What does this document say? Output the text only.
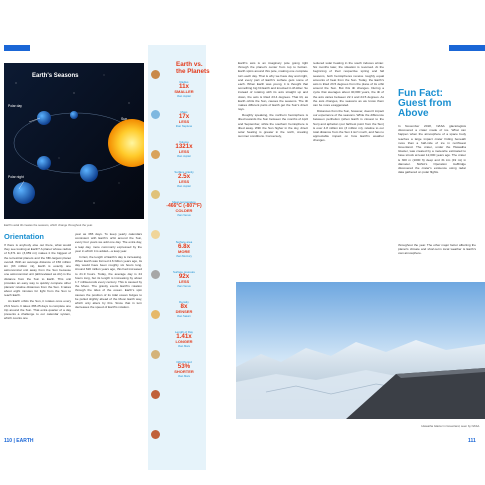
Earth's Seasons
Polar day
Sun
Polar night
Earth's axial tilt creates the seasons, which change throughout the year.
Orientation

If there is anybody else out there, what would they see looking at Earth? A planet whose radius of 6,371 km (3,959 mi) makes it the biggest of the terrestrial planets and the fifth-largest planet overall. With an average distance of 150 million km (93 million mi), Earth is exactly one astronomical unit away from the Sun because one astronomical unit (abbreviated as AU) is the distance from the Sun to Earth. This unit provides an easy way to quickly compare other planets' relative distances from the Sun. It takes about eight minutes for light from the Sun to reach Earth.

As Earth orbits the Sun, it rotates once every 23.9 hours. It takes 365.25 days to complete one trip around the Sun. That extra quarter of a day presents a challenge to our calendar system, which counts one

year as 365 days. To keep yearly calendars consistent with Earth's orbit around the Sun, every four years we add one day. The extra day, a leap day, more commonly expressed by the year in which it is added—a leap year.

In fact, the length of Earth's day is increasing. When Earth was formed 4.6 billion years ago, its day would have been roughly six hours long. Around 620 million years ago, this had increased to 21.9 hours. Today, the average day is 24 hours long, but its length is increasing by about 1.7 milliseconds every century. This is caused by the Moon. The gravity exerts Earth's rotation through the tides of the ocean. Earth's spin causes the position of its tidal ocean bulges to be pulled slightly ahead of the Moon Earth way, which only alters by this. Since that in turn decreases the speed of Earth's rotation.

Earth vs.
the Planets
Radius
11x
SMALLER
than Jupiter
Mass
17x
LESS
than Neptune
Volume
1321x
LESS
than Jupiter
Surface gravity
2.5x
LESS
than Jupiter
Mean temperature
-466°C (-807°F)
COLDER
than Venus
Surface area
6.8x
MORE
than Mercury
Surface pressure
92x
LESS
than Venus
Density
8x
DENSER
than Saturn
Length of Day
1.41x
LONGER
than Mars
Orbit Period
53%
SHORTER
than Mars

Earth's axis is an imaginary pole going right through the planet's center from top to bottom. Earth spins around this pole, making one complete turn each day. That is why we have day and night, and every part of Earth's surface gets some of each. When Earth was young, it is thought that something big hit Earth and knocked it off-kilter. So instead of rotating with its axis straight up and down, the axis is tilted 23.4 degrees. That tilt, as Earth orbits the Sun, causes the seasons. The tilt makes different parts of Earth get the Sun's direct rays.

Roughly speaking, the northern hemisphere is tilted towards the Sun between the months of April and September, while the southern hemisphere is tilted away. With the Sun higher in the sky, direct solar heating is greater in the north, creating summer conditions. Conversely,

reduced solar heating in the south induces winter. Six months later, the situation is reversed. At the beginning of their respective spring and fall seasons, both hemispheres receive roughly equal amounts of heat from the Sun. Today, the Earth's axis is tilted 23.5 degrees from the plane of its orbit around the Sun. But this tilt changes. During a cycle that averages about 40,000 years, the tilt of the axis varies between 22.1 and 24.5 degrees. As the axis changes, the seasons as we know them can be more exaggerated.

Distances from the Sun, however, doesn't impact our experience of the seasons. While the difference between perihelion (when Earth is closest to the Sun) and aphelion (our farthest point from the Sun) is over 4.8 million km (3 million mi), relative to our total distance from the Sun it isn't much, and has no appreciable impact on how Earth's weather changes.

Fun Fact:
Guest from
Above

In November 2018, NASA glaciologists discovered a crater made of ice. What can happen when the atmosphere of a space body reaches a large impact crater hiding beneath more than a half-mile of ice in northwest Greenland. The crater, under the Hiawatha Glacier, was created by a meteorite estimated to have struck at least 12,000 years ago. The crater is 300 m (1000 ft) deep and 31 km (19 mi) in diameter. NASA's Operation IceBridge discovered the crater's existence using radar data gathered on polar flights.

throughout the year. The other major factor affecting the planet's climate and short-term local weather is Earth's own atmosphere.

Hiawatha Glacier in Greenland, seen by NASA.
110 | EARTH	111
